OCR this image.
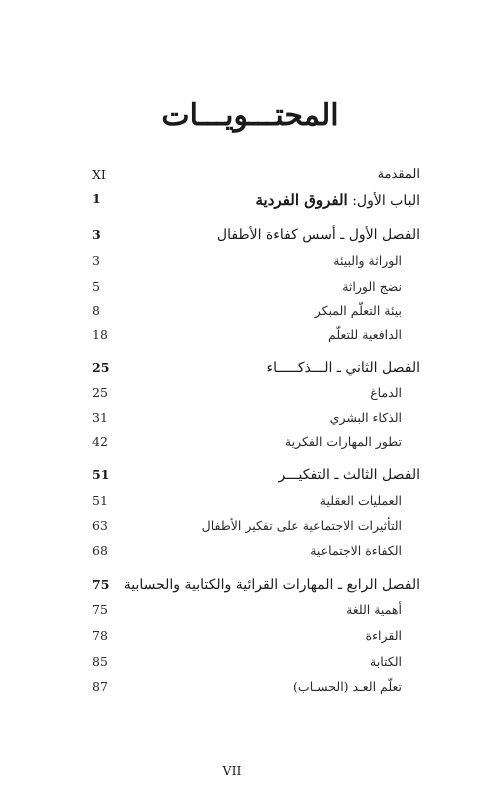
المحتـــويـــات
XI	المقدمة
1	الباب الأول: الفروق الفردية
3	الفصل الأول ـ أسس كفاءة الأطفال
3	الوراثة والبيئة
5	نضج الوراثة
8	بيئة التعلّم المبكر
18	الدافعية للتعلّم
25	الفصل الثاني ـ الـــذكـــــاء
25	الدماغ
31	الذكاء البشري
42	تطور المهارات الفكرية
51	الفصل الثالث ـ التفكيـــر
51	العمليات العقلية
63	التأثيرات الاجتماعية على تفكير الأطفال
68	الكفاءة الاجتماعية
75	الفصل الرابع ـ المهارات القرائية والكتابية والحسابية
75	أهمية اللغة
78	القراءة
85	الكتابة
87	تعلّم العـد (الحسـاب)
VII
